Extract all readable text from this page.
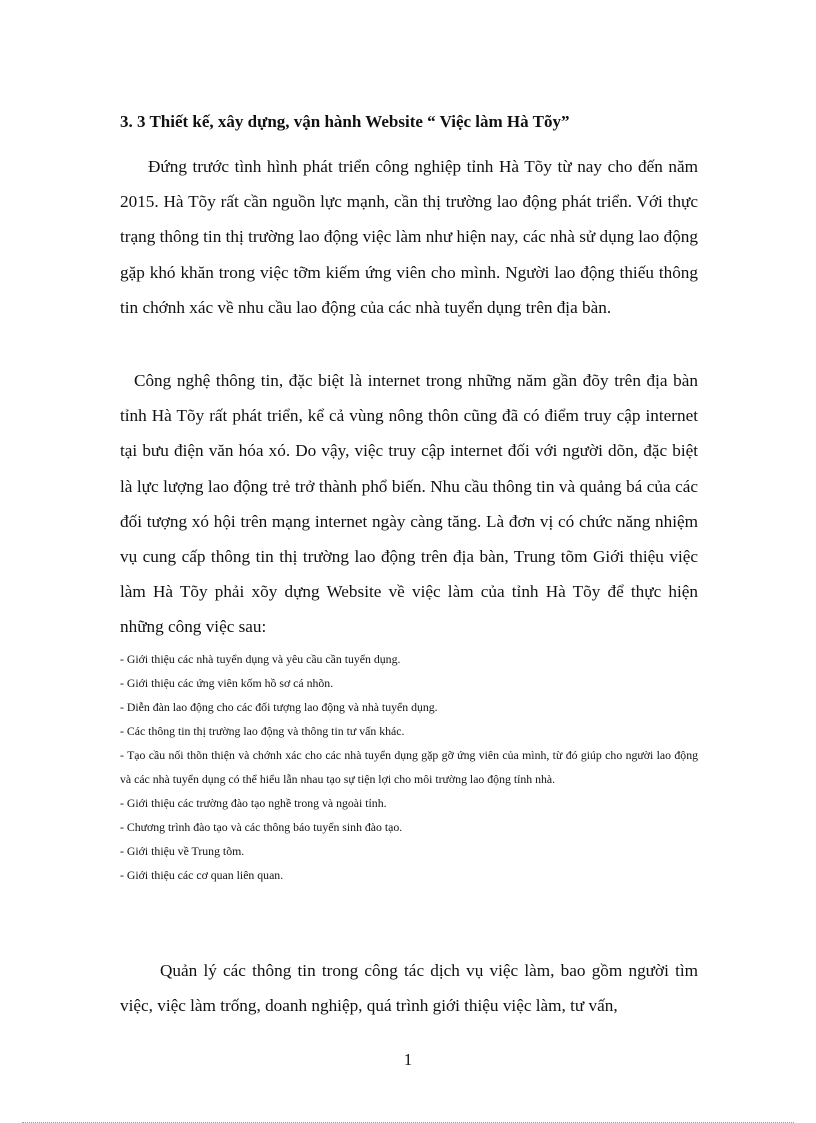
3. 3 Thiết kế, xây dựng, vận hành Website “ Việc làm Hà Tõy”

Đứng trước tình hình phát triển công nghiệp tỉnh Hà Tõy từ nay cho đến năm 2015. Hà Tõy rất cần nguồn lực mạnh, cần thị trường lao động phát triển. Với thực trạng thông tin thị trường lao động việc làm như hiện nay, các nhà sử dụng lao động gặp khó khăn trong việc tỡm kiếm ứng viên cho mình. Người lao động thiếu thông tin chớnh xác về nhu cầu lao động của các nhà tuyển dụng trên địa bàn.

Công nghệ thông tin, đặc biệt là internet trong những năm gần đõy trên địa bàn tỉnh Hà Tõy rất phát triển, kể cả vùng nông thôn cũng đã có điểm truy cập internet tại bưu điện văn hóa xó. Do vậy, việc truy cập internet đối với người dõn, đặc biệt là lực lượng lao động trẻ trở thành phổ biến. Nhu cầu thông tin và quảng bá của các đối tượng xó hội trên mạng internet ngày càng tăng. Là đơn vị có chức năng nhiệm vụ cung cấp thông tin thị trường lao động trên địa bàn, Trung tõm Giới thiệu việc làm Hà Tõy phải xõy dựng Website về việc làm của tỉnh Hà Tõy để thực hiện những công việc sau:

- Giới thiệu các nhà tuyển dụng và yêu cầu cần tuyển dụng.
- Giới thiệu các ứng viên kốm hồ sơ cá nhõn.
- Diễn đàn lao động cho các đối tượng lao động và nhà tuyển dụng.
- Các thông tin thị trường lao động và thông tin tư vấn khác.
- Tạo cầu nối thõn thiện và chớnh xác cho các nhà tuyển dụng gặp gỡ ứng viên của mình, từ đó giúp cho người lao động và các nhà tuyển dụng có thể hiểu lẫn nhau tạo sự tiện lợi cho môi trường lao động tỉnh nhà.
- Giới thiệu các trường đào tạo nghề trong và ngoài tỉnh.
- Chương trình đào tạo và các thông báo tuyển sinh đào tạo.
- Giới thiệu về Trung tõm.
- Giới thiệu các cơ quan liên quan.

Quản lý các thông tin trong công tác dịch vụ việc làm, bao gồm người tìm việc, việc làm trống, doanh nghiệp, quá trình giới thiệu việc làm, tư vấn,

1
